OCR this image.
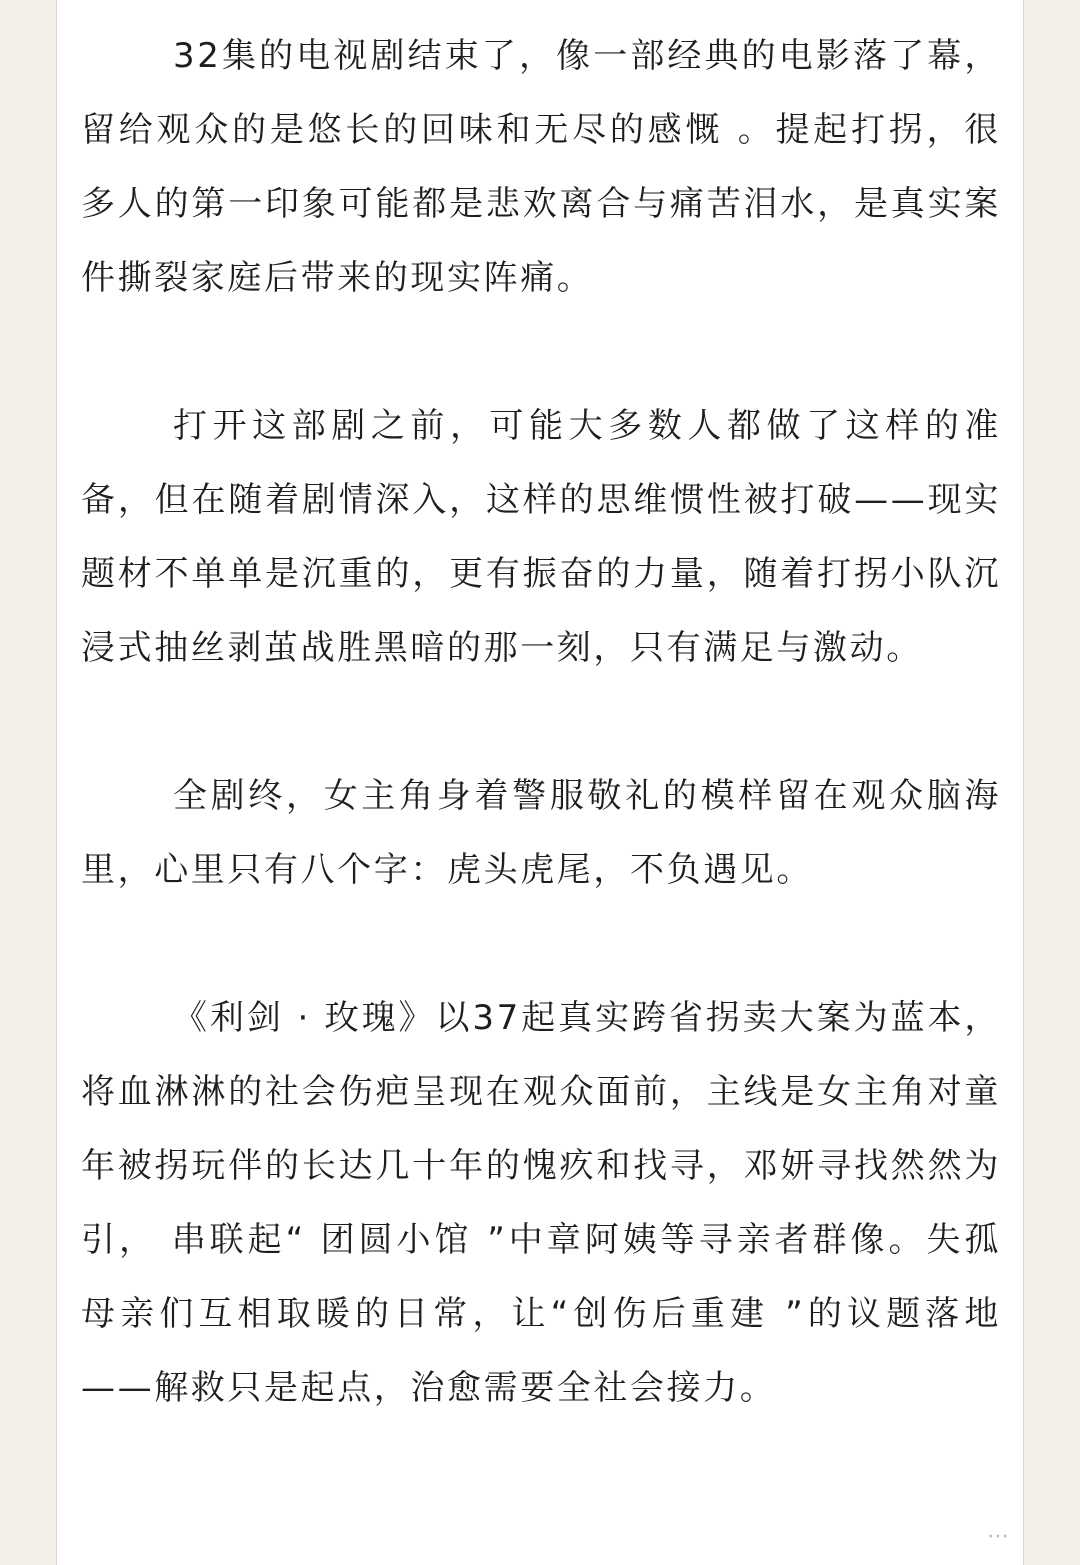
32集的电视剧结束了，像一部经典的电影落了幕，留给观众的是悠长的回味和无尽的感慨 。提起打拐，很多人的第一印象可能都是悲欢离合与痛苦泪水，是真实案件撕裂家庭后带来的现实阵痛。

打开这部剧之前，可能大多数人都做了这样的准备，但在随着剧情深入，这样的思维惯性被打破——现实题材不单单是沉重的，更有振奋的力量，随着打拐小队沉浸式抽丝剥茧战胜黑暗的那一刻，只有满足与激动。

全剧终，女主角身着警服敬礼的模样留在观众脑海里，心里只有八个字：虎头虎尾，不负遇见。

《利剑 · 玫瑰》以37起真实跨省拐卖大案为蓝本，将血淋淋的社会伤疤呈现在观众面前，主线是女主角对童年被拐玩伴的长达几十年的愧疚和找寻，邓妍寻找然然为引， 串联起“ 团圆小馆 ”中章阿姨等寻亲者群像。失孤母亲们互相取暖的日常，让“创伤后重建 ”的议题落地——解救只是起点，治愈需要全社会接力。

⋯
